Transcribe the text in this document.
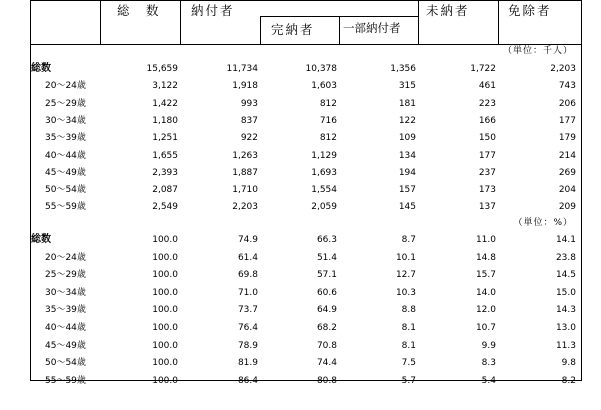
総　数 納付者
完納者 一部納付者
未納者	免除者
（単位：千人）
（単位：%）
総数	15,659	11,734	10,378	1,356	1,722	2,203
20～24歳	3,122	1,918	1,603	315	461	743
25～29歳	1,422	993	812	181	223	206
30～34歳	1,180	837	716	122	166	177
35～39歳	1,251	922	812	109	150	179
40～44歳	1,655	1,263	1,129	134	177	214
45～49歳	2,393	1,887	1,693	194	237	269
50～54歳	2,087	1,710	1,554	157	173	204
55～59歳	2,549	2,203	2,059	145	137	209
総数	100.0	74.9	66.3	8.7	11.0	14.1
20～24歳	100.0	61.4	51.4	10.1	14.8	23.8
25～29歳	100.0	69.8	57.1	12.7	15.7	14.5
30～34歳	100.0	71.0	60.6	10.3	14.0	15.0
35～39歳	100.0	73.7	64.9	8.8	12.0	14.3
40～44歳	100.0	76.4	68.2	8.1	10.7	13.0
45～49歳	100.0	78.9	70.8	8.1	9.9	11.3
50～54歳	100.0	81.9	74.4	7.5	8.3	9.8
55～59歳	100.0	86.4	80.8	5.7	5.4	8.2
